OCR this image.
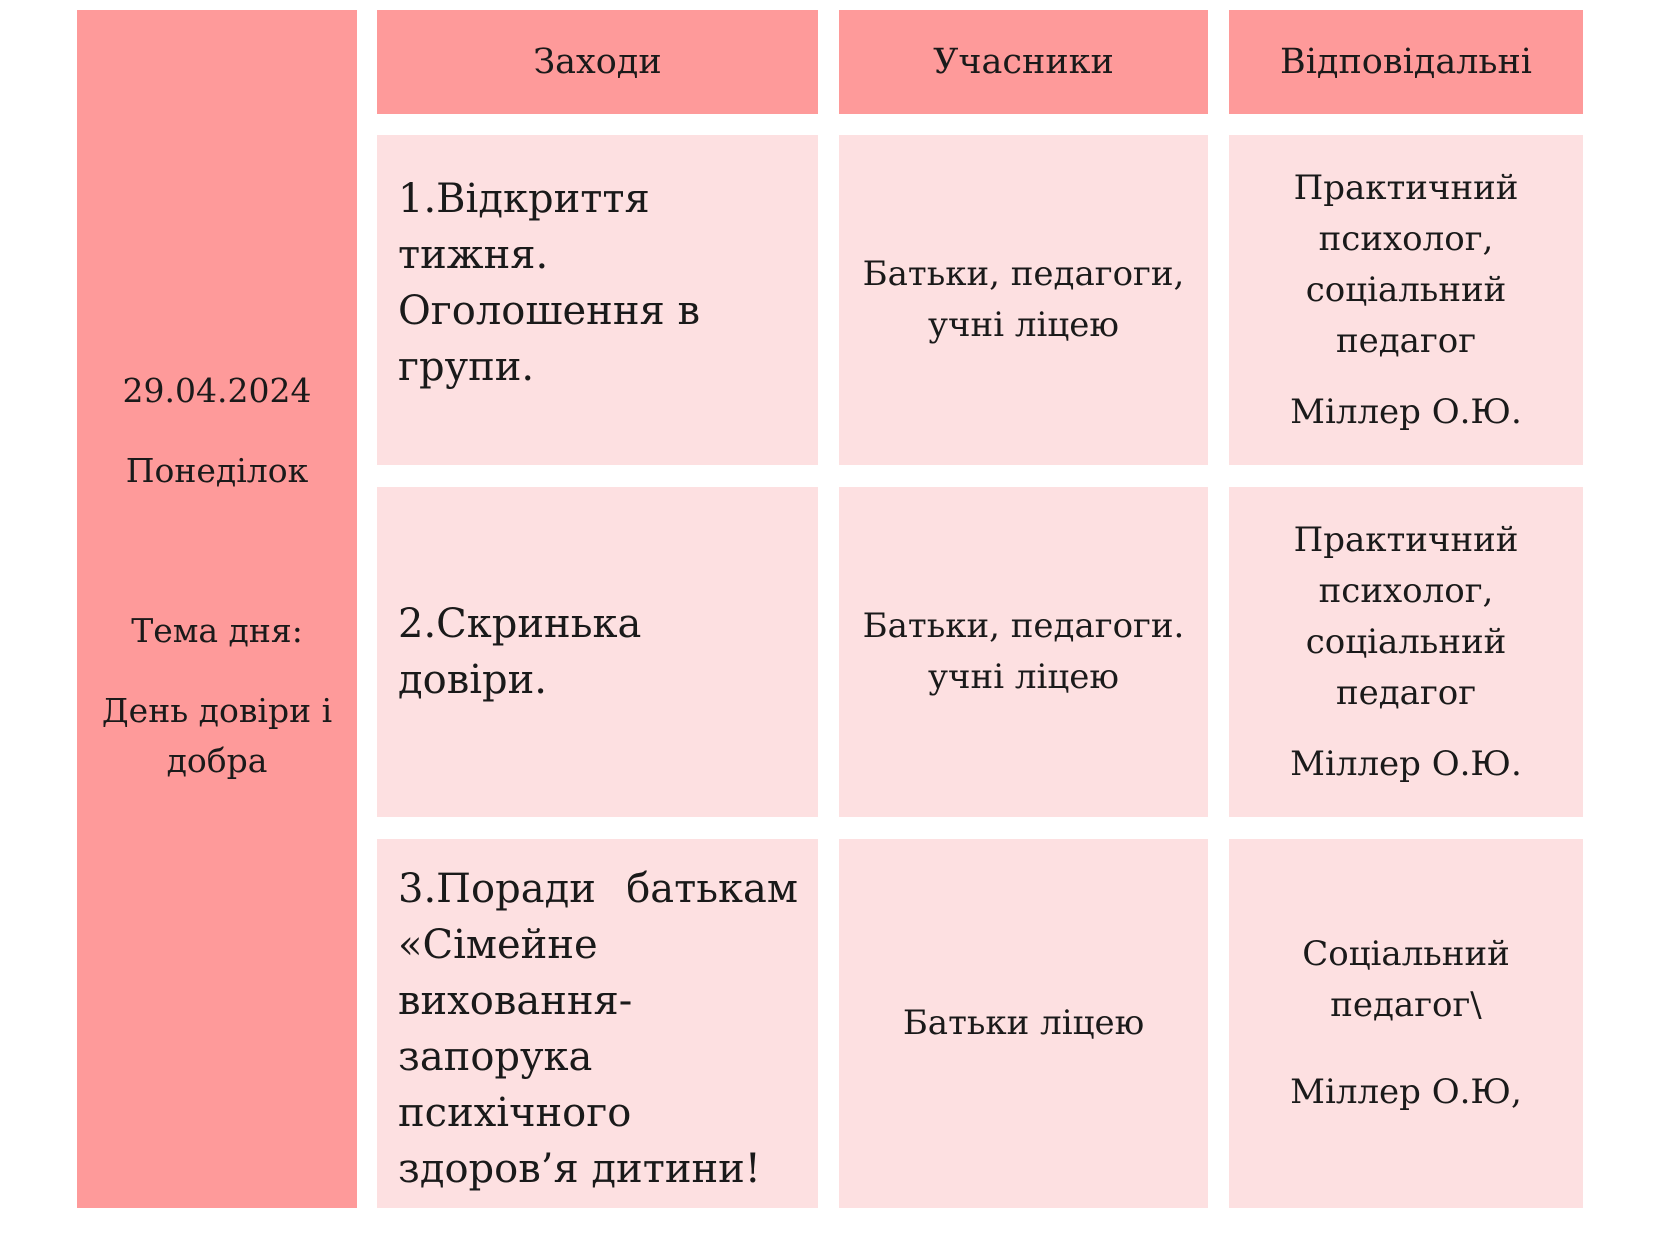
29.04.2024
Понеділок
Тема дня:
День довіри і
добра
Заходи	Учасники	Відповідальні
1.Відкриття тижня. Оголошення в групи.
Батьки, педагоги,
учні ліцею
Практичний
психолог,
соціальний
педагог
Міллер О.Ю.
2.Скринька довіри.
Батьки, педагоги.
учні ліцею
Практичний
психолог,
соціальний
педагог
Міллер О.Ю.
3.Поради батькам «Сімейне виховання- запорука психічного здоров’я дитини!
Батьки ліцею
Соціальний
педагог\
Міллер О.Ю,
